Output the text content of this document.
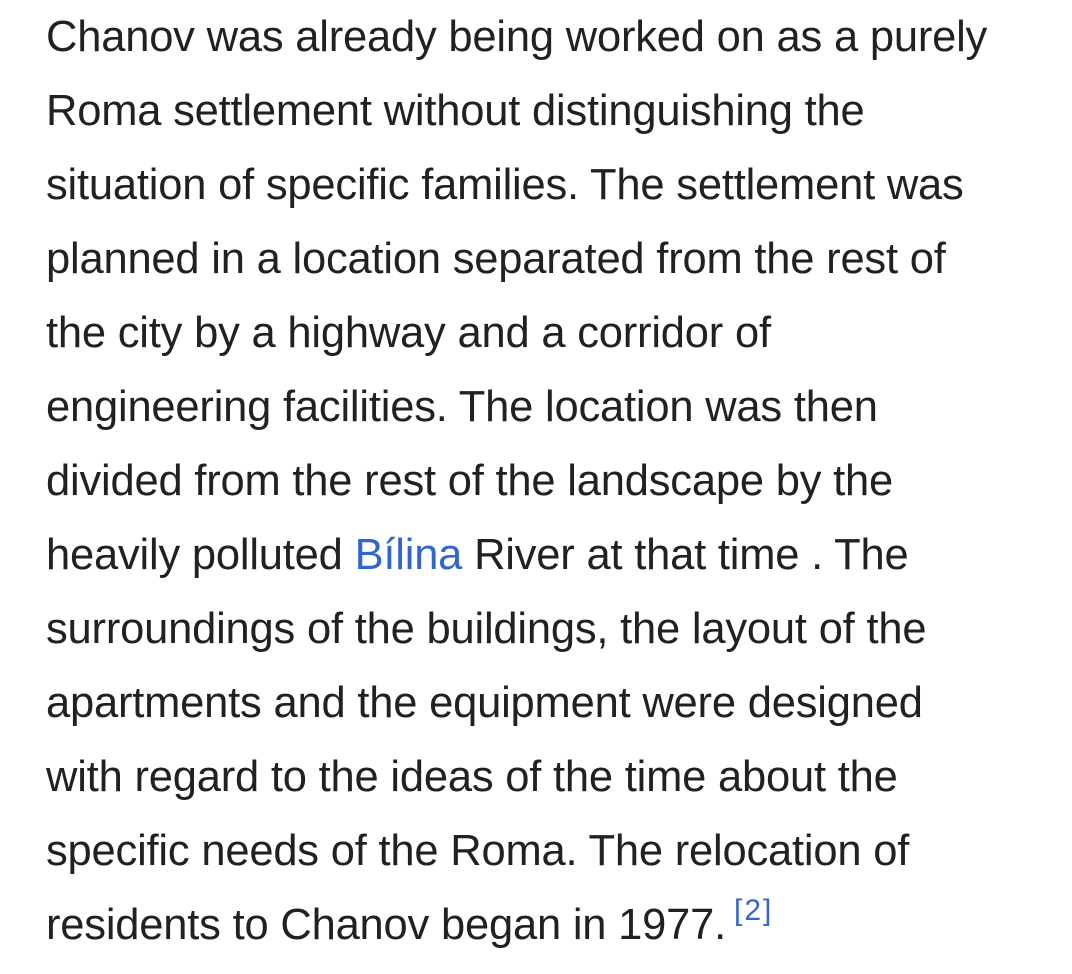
Chanov was already being worked on as a purely
Roma settlement without distinguishing the
situation of specific families. The settlement was
planned in a location separated from the rest of
the city by a highway and a corridor of
engineering facilities. The location was then
divided from the rest of the landscape by the
heavily polluted Bílina River at that time . The
surroundings of the buildings, the layout of the
apartments and the equipment were designed
with regard to the ideas of the time about the
specific needs of the Roma. The relocation of
residents to Chanov began in 1977. [2]
